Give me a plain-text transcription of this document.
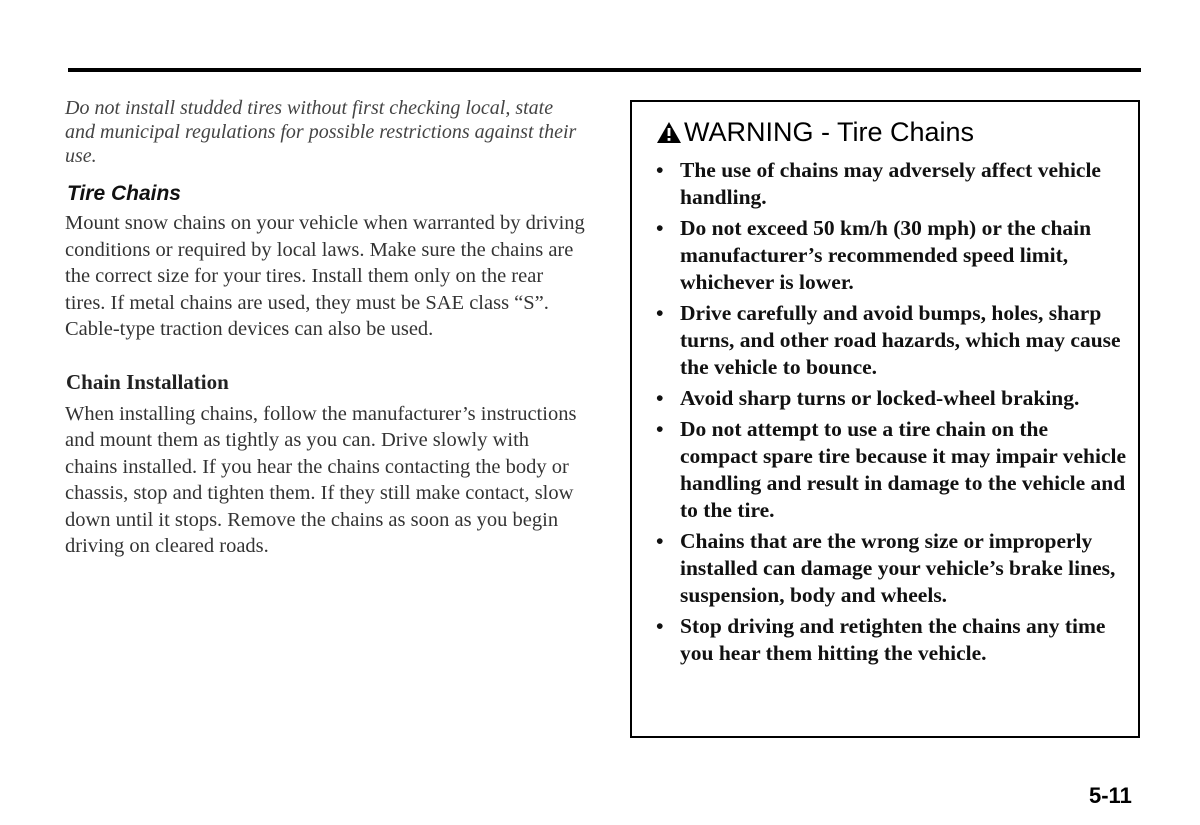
Do not install studded tires without first checking local, state and municipal regulations for possible restrictions against their use.

Tire Chains

Mount snow chains on your vehicle when warranted by driving conditions or required by local laws. Make sure the chains are the correct size for your tires. Install them only on the rear tires. If metal chains are used, they must be SAE class “S”. Cable-type traction devices can also be used.

Chain Installation

When installing chains, follow the manufacturer’s instructions and mount them as tightly as you can. Drive slowly with chains installed. If you hear the chains contacting the body or chassis, stop and tighten them. If they still make contact, slow down until it stops. Remove the chains as soon as you begin driving on cleared roads.

WARNING - Tire Chains
• The use of chains may adversely affect vehicle handling.
• Do not exceed 50 km/h (30 mph) or the chain manufacturer’s recommended speed limit, whichever is lower.
• Drive carefully and avoid bumps, holes, sharp turns, and other road hazards, which may cause the vehicle to bounce.
• Avoid sharp turns or locked-wheel braking.
• Do not attempt to use a tire chain on the compact spare tire because it may impair vehicle handling and result in damage to the vehicle and to the tire.
• Chains that are the wrong size or improperly installed can damage your vehicle’s brake lines, suspension, body and wheels.
• Stop driving and retighten the chains any time you hear them hitting the vehicle.
5-11
